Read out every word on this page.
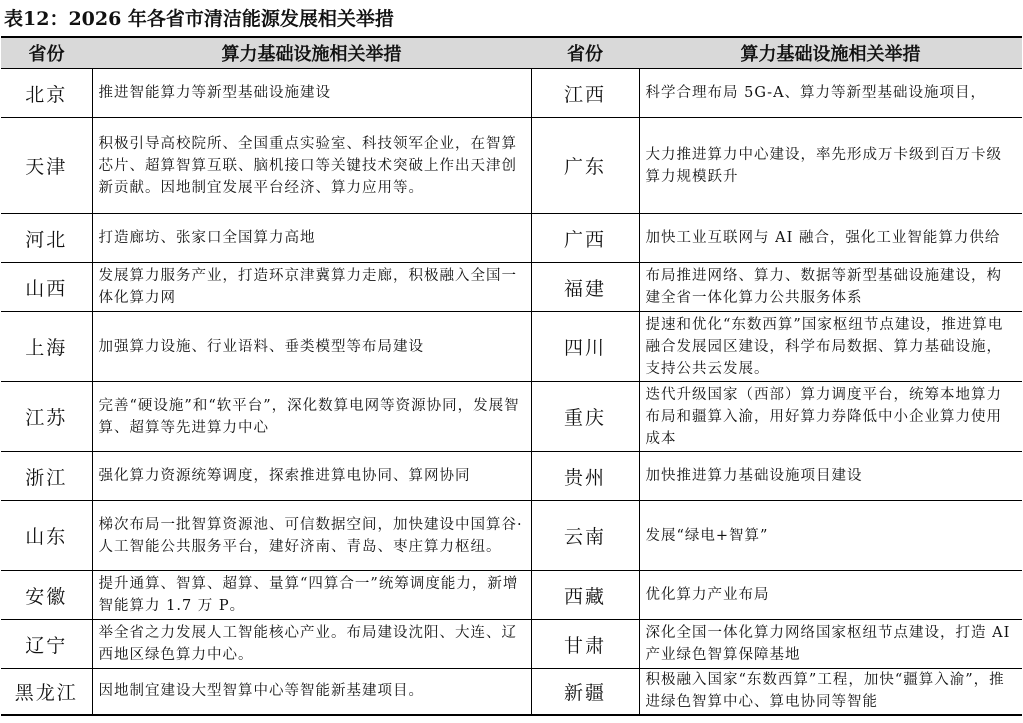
表12：2026 年各省市清洁能源发展相关举措
省份	算力基础设施相关举措	省份	算力基础设施相关举措
北京	推进智能算力等新型基础设施建设	江西	科学合理布局 5G-A、算力等新型基础设施项目，
天津	积极引导高校院所、全国重点实验室、科技领军企业，在智算芯片、超算智算互联、脑机接口等关键技术突破上作出天津创新贡献。因地制宜发展平台经济、算力应用等。	广东	大力推进算力中心建设，率先形成万卡级到百万卡级算力规模跃升
河北	打造廊坊、张家口全国算力高地	广西	加快工业互联网与 AI 融合，强化工业智能算力供给
山西	发展算力服务产业，打造环京津冀算力走廊，积极融入全国一体化算力网	福建	布局推进网络、算力、数据等新型基础设施建设，构建全省一体化算力公共服务体系
上海	加强算力设施、行业语料、垂类模型等布局建设	四川	提速和优化“东数西算”国家枢纽节点建设，推进算电融合发展园区建设，科学布局数据、算力基础设施，支持公共云发展。
江苏	完善“硬设施”和“软平台”，深化数算电网等资源协同，发展智算、超算等先进算力中心	重庆	迭代升级国家（西部）算力调度平台，统筹本地算力布局和疆算入渝，用好算力券降低中小企业算力使用成本
浙江	强化算力资源统筹调度，探索推进算电协同、算网协同	贵州	加快推进算力基础设施项目建设
山东	梯次布局一批智算资源池、可信数据空间，加快建设中国算谷·人工智能公共服务平台，建好济南、青岛、枣庄算力枢纽。	云南	发展“绿电+智算”
安徽	提升通算、智算、超算、量算“四算合一”统筹调度能力，新增智能算力 1.7 万 P。	西藏	优化算力产业布局
辽宁	举全省之力发展人工智能核心产业。布局建设沈阳、大连、辽西地区绿色算力中心。	甘肃	深化全国一体化算力网络国家枢纽节点建设，打造 AI 产业绿色智算保障基地
黑龙江	因地制宜建设大型智算中心等智能新基建项目。	新疆	积极融入国家“东数西算”工程，加快“疆算入渝”，推进绿色智算中心、算电协同等智能
